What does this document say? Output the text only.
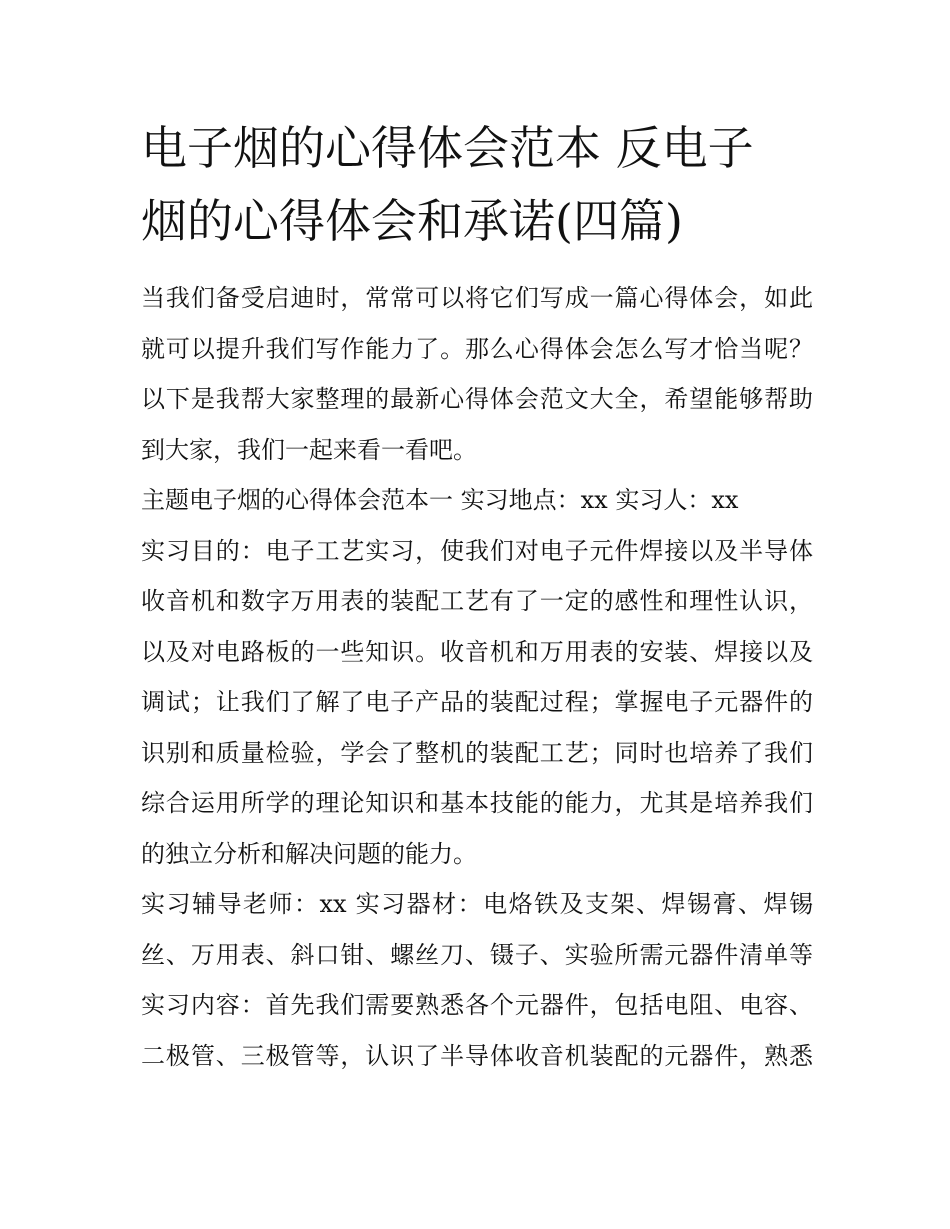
电子烟的心得体会范本 反电子
烟的心得体会和承诺(四篇)
当我们备受启迪时，常常可以将它们写成一篇心得体会，如此
就可以提升我们写作能力了。那么心得体会怎么写才恰当呢？
以下是我帮大家整理的最新心得体会范文大全，希望能够帮助
到大家，我们一起来看一看吧。
主题电子烟的心得体会范本一 实习地点：xx 实习人：xx
实习目的：电子工艺实习，使我们对电子元件焊接以及半导体
收音机和数字万用表的装配工艺有了一定的感性和理性认识，
以及对电路板的一些知识。收音机和万用表的安装、焊接以及
调试；让我们了解了电子产品的装配过程；掌握电子元器件的
识别和质量检验，学会了整机的装配工艺；同时也培养了我们
综合运用所学的理论知识和基本技能的能力，尤其是培养我们
的独立分析和解决问题的能力。
实习辅导老师：xx 实习器材：电烙铁及支架、焊锡膏、焊锡
丝、万用表、斜口钳、螺丝刀、镊子、实验所需元器件清单等
实习内容：首先我们需要熟悉各个元器件，包括电阻、电容、
二极管、三极管等，认识了半导体收音机装配的元器件，熟悉
